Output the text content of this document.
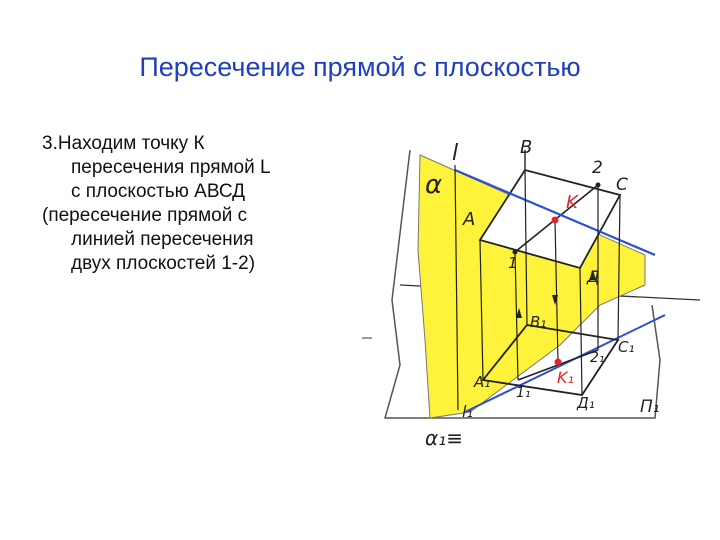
Пересечение прямой с плоскостью
3.Находим точку К
пересечения прямой L
с плоскостью АВСД
(пересечение прямой с
линией пересечения
двух плоскостей 1-2)
α
l	B
2
C
A
K
1
Д
B₁
C₁
2₁
A₁	K₁
1₁
Д₁
l₁	П₁
α₁≡
